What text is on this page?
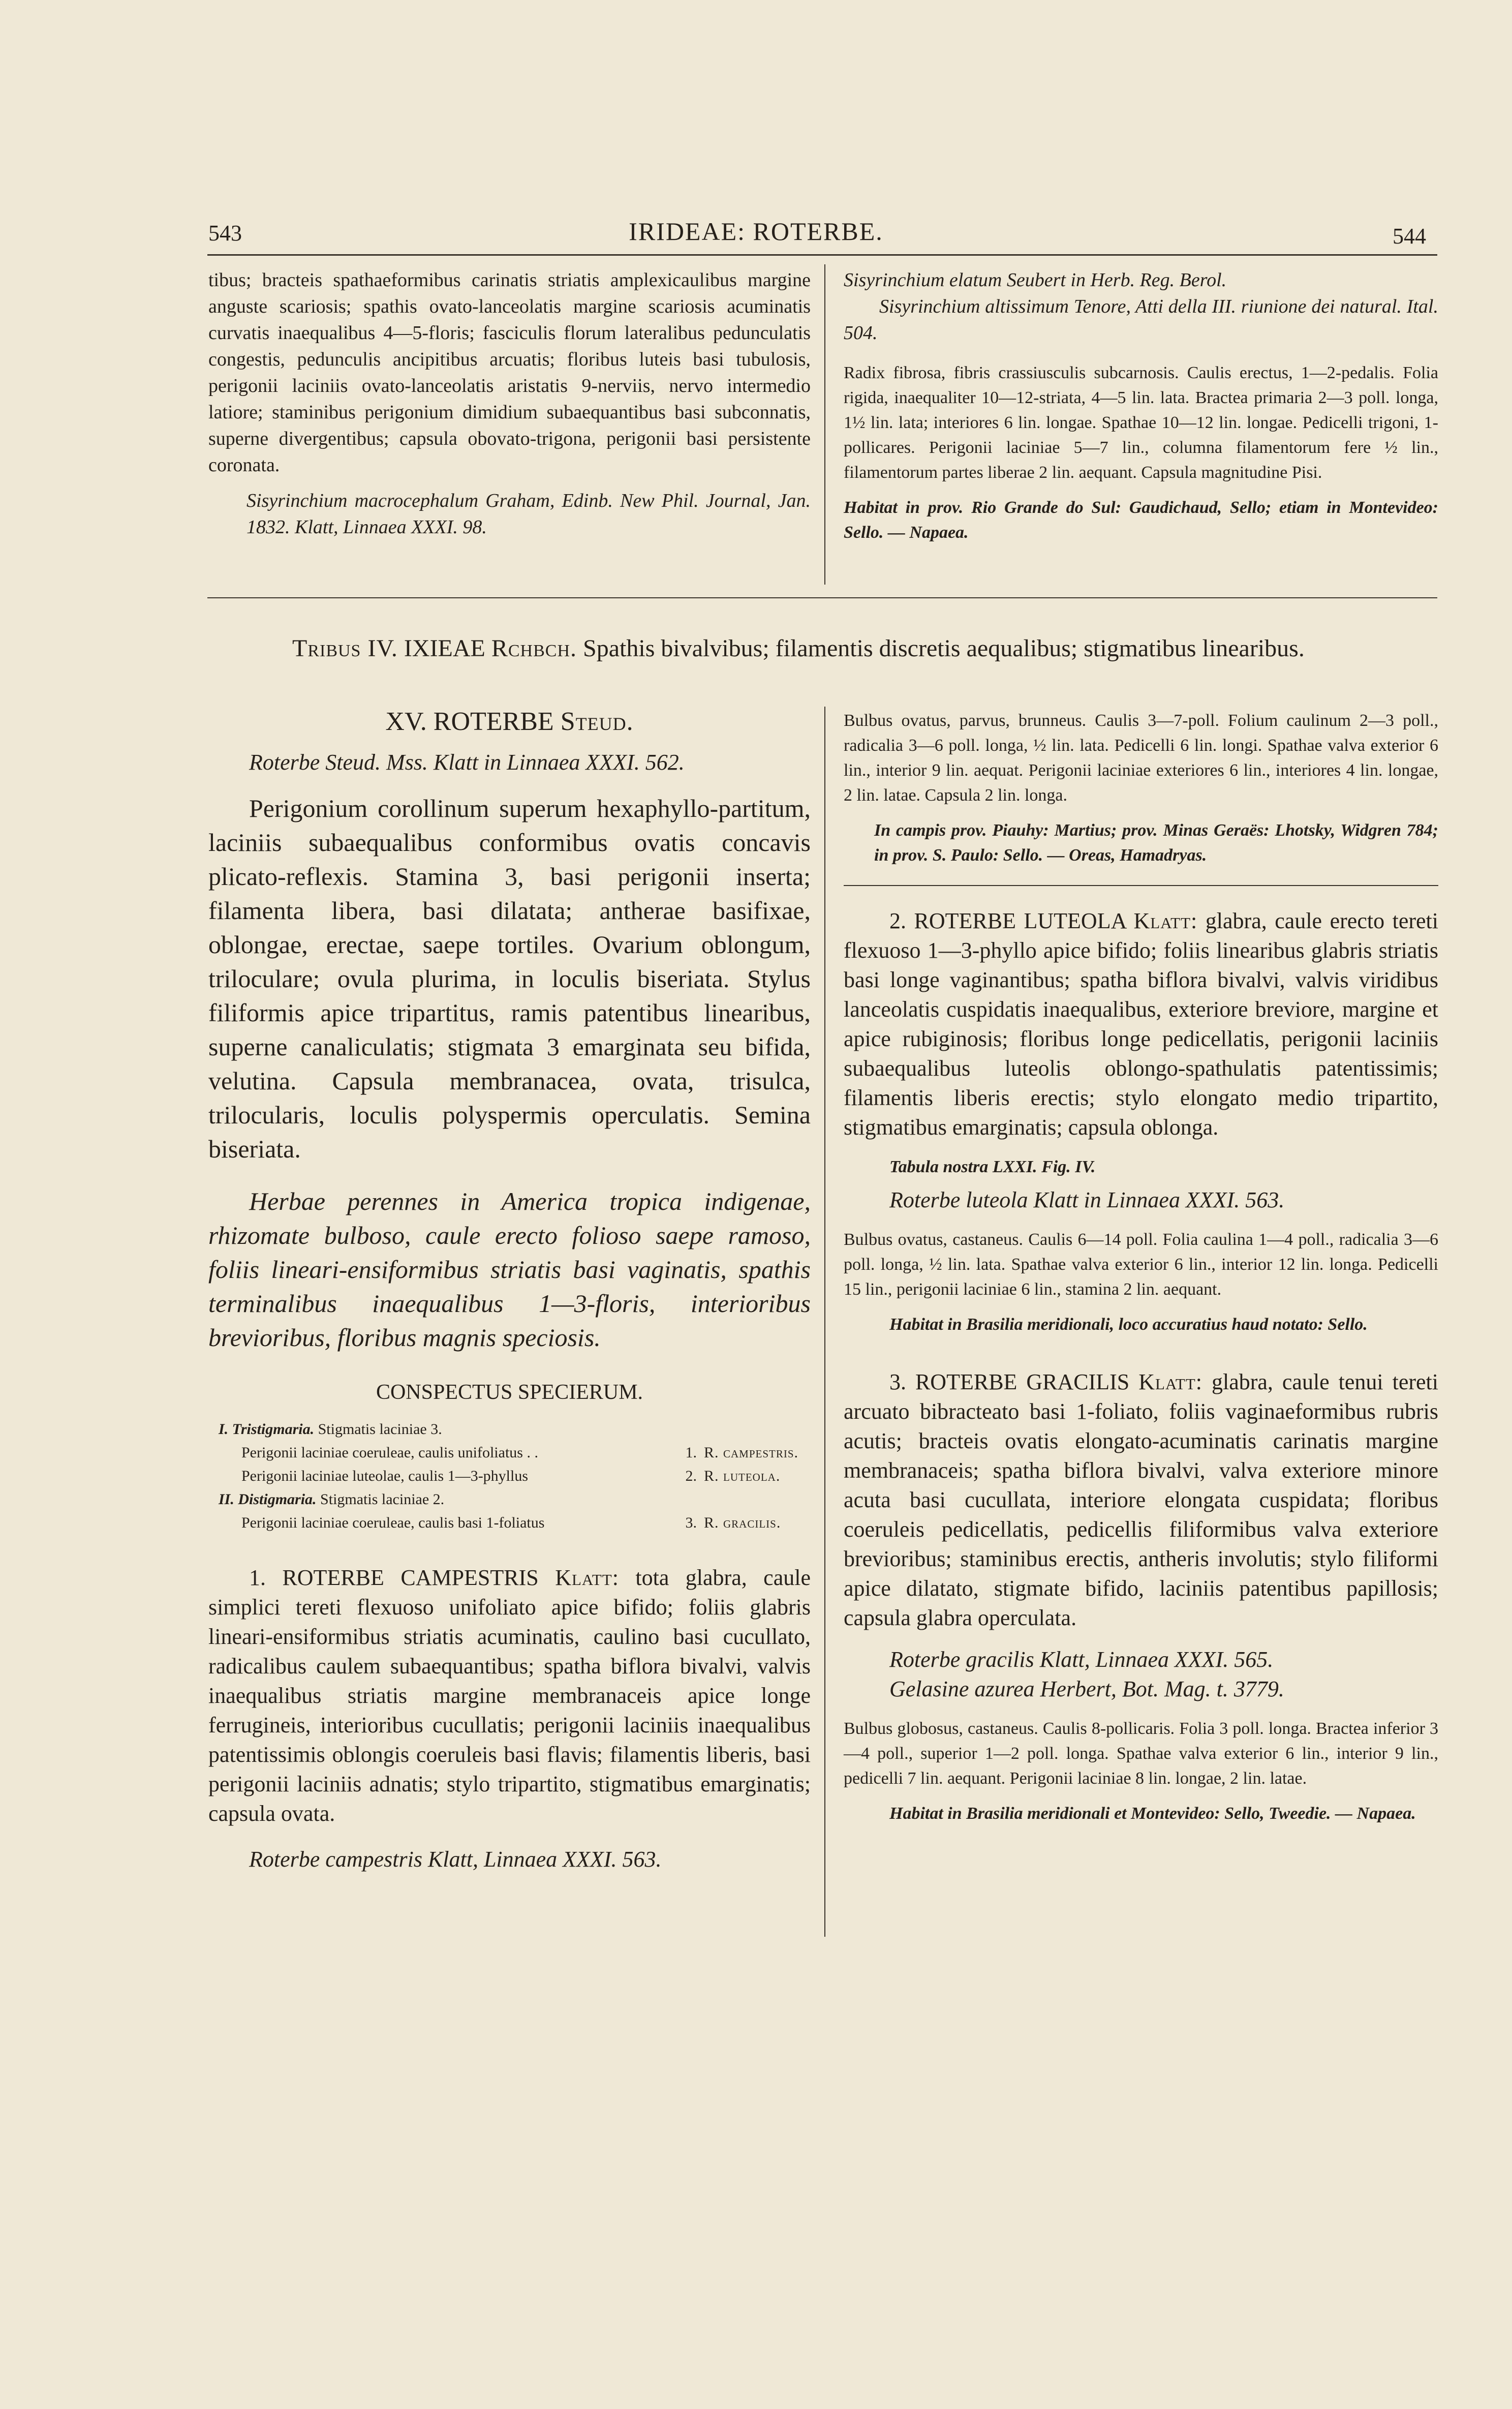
543	IRIDEAE: ROTERBE.	544

tibus; bracteis spathaeformibus carinatis striatis amplexicaulibus margine anguste scariosis; spathis ovato-lanceolatis margine scariosis acuminatis curvatis inaequalibus 4—5-floris; fasciculis florum lateralibus pedunculatis congestis, pedunculis ancipitibus arcuatis; floribus luteis basi tubulosis, perigonii laciniis ovato-lanceolatis aristatis 9-nerviis, nervo intermedio latiore; staminibus perigonium dimidium subaequantibus basi subconnatis, superne divergentibus; capsula obovato-trigona, perigonii basi persistente coronata.

Sisyrinchium macrocephalum Graham, Edinb. New Phil. Journal, Jan. 1832. Klatt, Linnaea XXXI. 98.

Sisyrinchium elatum Seubert in Herb. Reg. Berol.

Sisyrinchium altissimum Tenore, Atti della III. riunione dei natural. Ital. 504.

Radix fibrosa, fibris crassiusculis subcarnosis. Caulis erectus, 1—2-pedalis. Folia rigida, inaequaliter 10—12-striata, 4—5 lin. lata. Bractea primaria 2—3 poll. longa, 1½ lin. lata; interiores 6 lin. longae. Spathae 10—12 lin. longae. Pedicelli trigoni, 1-pollicares. Perigonii laciniae 5—7 lin., columna filamentorum fere ½ lin., filamentorum partes liberae 2 lin. aequant. Capsula magnitudine Pisi.

Habitat in prov. Rio Grande do Sul: Gaudichaud, Sello; etiam in Montevideo: Sello. — Napaea.

Tribus IV. IXIEAE Rchbch. Spathis bivalvibus; filamentis discretis aequalibus; stigmatibus linearibus.
XV. ROTERBE Steud.

Roterbe Steud. Mss. Klatt in Linnaea XXXI. 562.

Perigonium corollinum superum hexaphyllo-partitum, laciniis subaequalibus conformibus ovatis concavis plicato-reflexis. Stamina 3, basi perigonii inserta; filamenta libera, basi dilatata; antherae basifixae, oblongae, erectae, saepe tortiles. Ovarium oblongum, triloculare; ovula plurima, in loculis biseriata. Stylus filiformis apice tripartitus, ramis patentibus linearibus, superne canaliculatis; stigmata 3 emarginata seu bifida, velutina. Capsula membranacea, ovata, trisulca, trilocularis, loculis polyspermis operculatis. Semina biseriata.

Herbae perennes in America tropica indigenae, rhizomate bulboso, caule erecto folioso saepe ramoso, foliis lineari-ensiformibus striatis basi vaginatis, spathis terminalibus inaequalibus 1—3-floris, interioribus brevioribus, floribus magnis speciosis.

CONSPECTUS SPECIERUM.
I. Tristigmaria. Stigmatis laciniae 3.
Perigonii laciniae coeruleae, caulis unifoliatus . .	1. R. campestris.
Perigonii laciniae luteolae, caulis 1—3-phyllus	2. R. luteola.
II. Distigmaria. Stigmatis laciniae 2.
Perigonii laciniae coeruleae, caulis basi 1-foliatus	3. R. gracilis.

1. ROTERBE CAMPESTRIS Klatt: tota glabra, caule simplici tereti flexuoso unifoliato apice bifido; foliis glabris lineari-ensiformibus striatis acuminatis, caulino basi cucullato, radicalibus caulem subaequantibus; spatha biflora bivalvi, valvis inaequalibus striatis margine membranaceis apice longe ferrugineis, interioribus cucullatis; perigonii laciniis inaequalibus patentissimis oblongis coeruleis basi flavis; filamentis liberis, basi perigonii laciniis adnatis; stylo tripartito, stigmatibus emarginatis; capsula ovata.

Roterbe campestris Klatt, Linnaea XXXI. 563.

Bulbus ovatus, parvus, brunneus. Caulis 3—7-poll. Folium caulinum 2—3 poll., radicalia 3—6 poll. longa, ½ lin. lata. Pedicelli 6 lin. longi. Spathae valva exterior 6 lin., interior 9 lin. aequat. Perigonii laciniae exteriores 6 lin., interiores 4 lin. longae, 2 lin. latae. Capsula 2 lin. longa.

In campis prov. Piauhy: Martius; prov. Minas Geraës: Lhotsky, Widgren 784; in prov. S. Paulo: Sello. — Oreas, Hamadryas.

2. ROTERBE LUTEOLA Klatt: glabra, caule erecto tereti flexuoso 1—3-phyllo apice bifido; foliis linearibus glabris striatis basi longe vaginantibus; spatha biflora bivalvi, valvis viridibus lanceolatis cuspidatis inaequalibus, exteriore breviore, margine et apice rubiginosis; floribus longe pedicellatis, perigonii laciniis subaequalibus luteolis oblongo-spathulatis patentissimis; filamentis liberis erectis; stylo elongato medio tripartito, stigmatibus emarginatis; capsula oblonga.

Tabula nostra LXXI. Fig. IV.

Roterbe luteola Klatt in Linnaea XXXI. 563.

Bulbus ovatus, castaneus. Caulis 6—14 poll. Folia caulina 1—4 poll., radicalia 3—6 poll. longa, ½ lin. lata. Spathae valva exterior 6 lin., interior 12 lin. longa. Pedicelli 15 lin., perigonii laciniae 6 lin., stamina 2 lin. aequant.

Habitat in Brasilia meridionali, loco accuratius haud notato: Sello.

3. ROTERBE GRACILIS Klatt: glabra, caule tenui tereti arcuato bibracteato basi 1-foliato, foliis vaginaeformibus rubris acutis; bracteis ovatis elongato-acuminatis carinatis margine membranaceis; spatha biflora bivalvi, valva exteriore minore acuta basi cucullata, interiore elongata cuspidata; floribus coeruleis pedicellatis, pedicellis filiformibus valva exteriore brevioribus; staminibus erectis, antheris involutis; stylo filiformi apice dilatato, stigmate bifido, laciniis patentibus papillosis; capsula glabra operculata.

Roterbe gracilis Klatt, Linnaea XXXI. 565.

Gelasine azurea Herbert, Bot. Mag. t. 3779.

Bulbus globosus, castaneus. Caulis 8-pollicaris. Folia 3 poll. longa. Bractea inferior 3—4 poll., superior 1—2 poll. longa. Spathae valva exterior 6 lin., interior 9 lin., pedicelli 7 lin. aequant. Perigonii laciniae 8 lin. longae, 2 lin. latae.

Habitat in Brasilia meridionali et Montevideo: Sello, Tweedie. — Napaea.
